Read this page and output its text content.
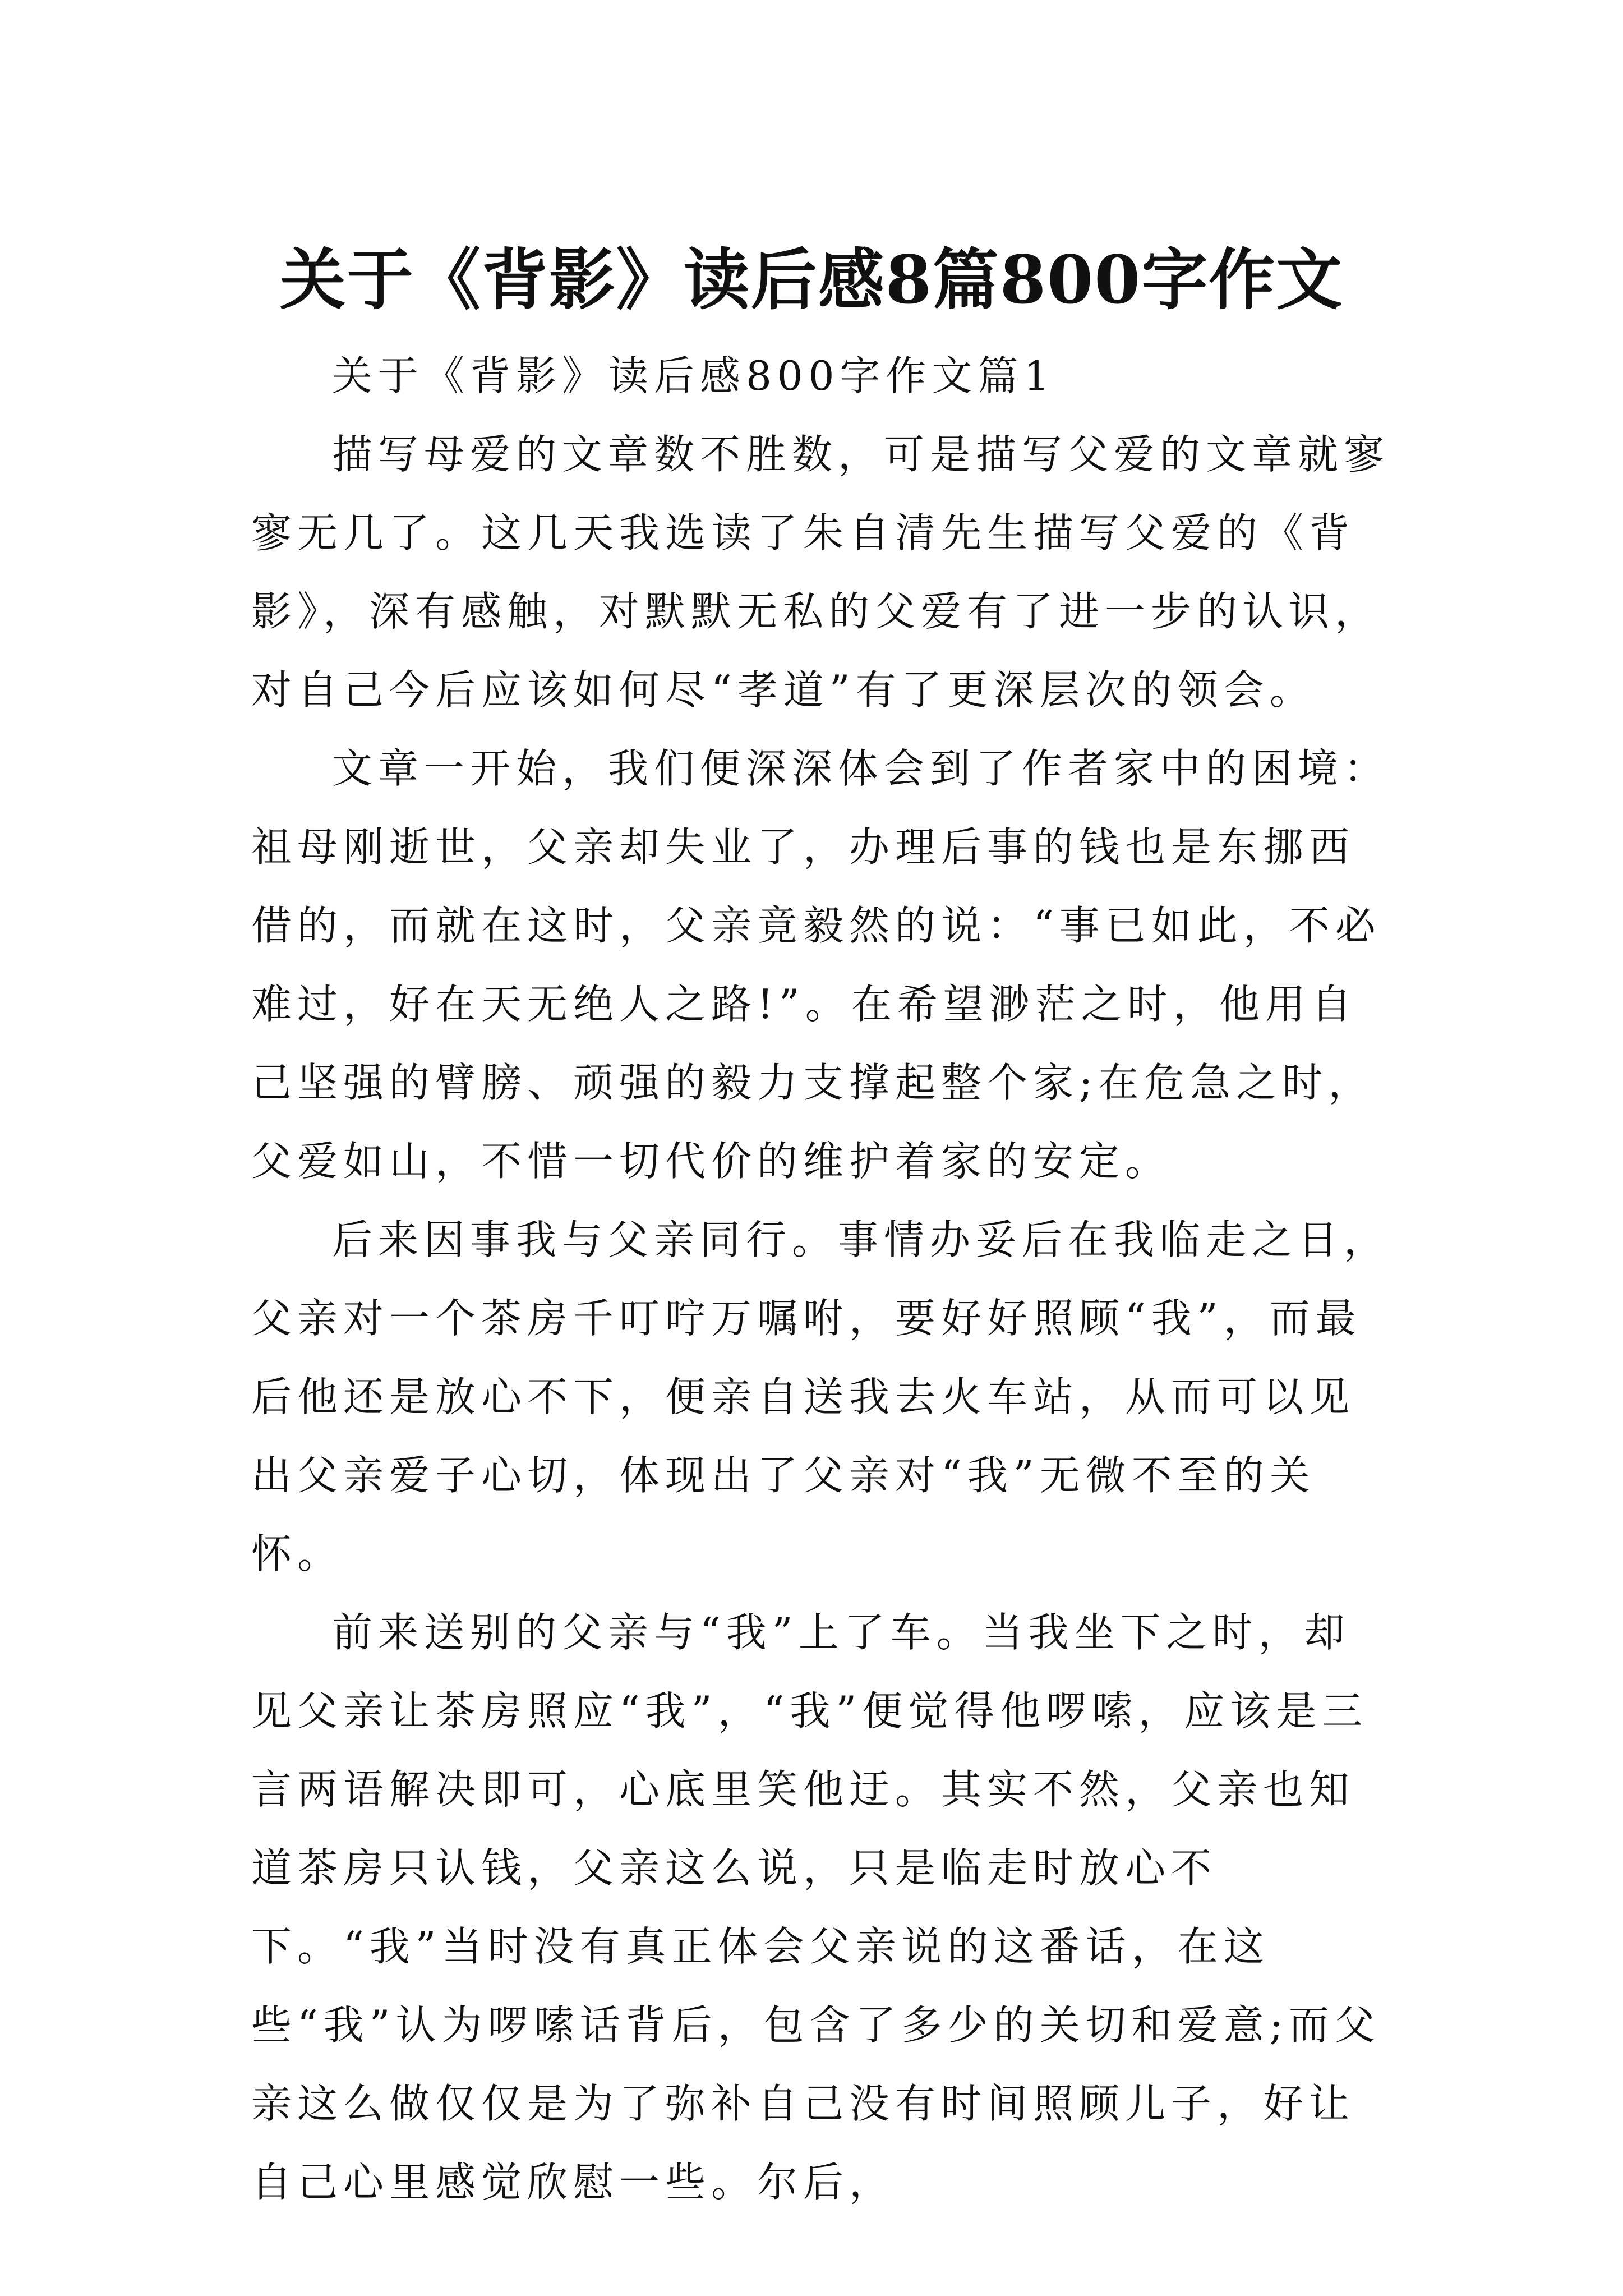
关于《背影》读后感8篇800字作文
关于《背影》读后感800字作文篇1

描写母爱的文章数不胜数，可是描写父爱的文章就寥寥无几了。这几天我选读了朱自清先生描写父爱的《背影》，深有感触，对默默无私的父爱有了进一步的认识， 对自己今后应该如何尽“孝道”有了更深层次的领会。

文章一开始，我们便深深体会到了作者家中的困境：祖母刚逝世，父亲却失业了，办理后事的钱也是东挪西借的，而就在这时，父亲竟毅然的说：“事已如此，不必难过，好在天无绝人之路!”。在希望渺茫之时，他用自己坚强的臂膀、顽强的毅力支撑起整个家;在危急之时，父爱如山，不惜一切代价的维护着家的安定。

后来因事我与父亲同行。事情办妥后在我临走之日，父亲对一个茶房千叮咛万嘱咐，要好好照顾“我”，而最后他还是放心不下，便亲自送我去火车站，从而可以见出父亲爱子心切，体现出了父亲对“我”无微不至的关怀。

前来送别的父亲与“我”上了车。当我坐下之时，却见父亲让茶房照应“我”，“我”便觉得他啰嗦，应该是三言两语解决即可，心底里笑他迂。其实不然，父亲也知道茶房只认钱，父亲这么说，只是临走时放心不下。“我”当时没有真正体会父亲说的这番话，在这些“我”认为啰嗦话背后，包含了多少的关切和爱意;而父亲这么做仅仅是为了弥补自己没有时间照顾儿子，好让自己心里感觉欣慰一些。尔后，
